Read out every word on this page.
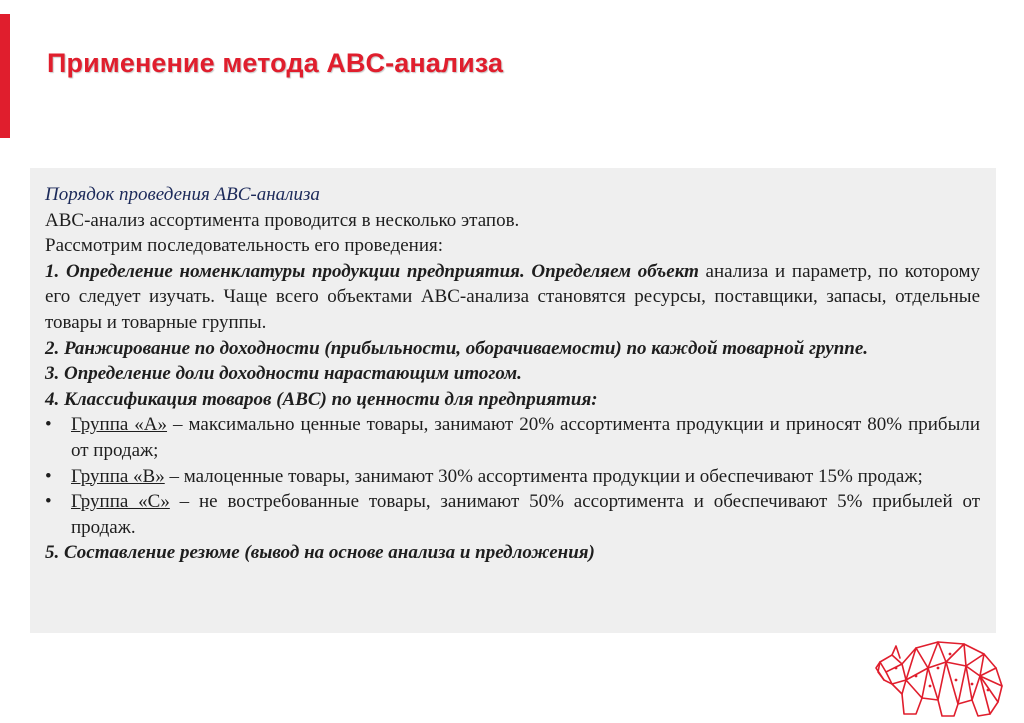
Применение метода ABC-анализа

Порядок проведения ABC-анализа

ABC-анализ ассортимента проводится в несколько этапов.

Рассмотрим последовательность его проведения:

1. Определение номенклатуры продукции предприятия. Определяем объект анализа и параметр, по которому его следует изучать. Чаще всего объектами ABC-анализа становятся ресурсы, поставщики, запасы, отдельные товары и товарные группы.

2. Ранжирование по доходности (прибыльности, оборачиваемости) по каждой товарной группе.

3. Определение доли доходности нарастающим итогом.

4. Классификация товаров (ABC) по ценности для предприятия:

• Группа «А» – максимально ценные товары, занимают 20% ассортимента продукции и приносят 80% прибыли от продаж;

• Группа «В» – малоценные товары, занимают 30% ассортимента продукции и обеспечивают 15% продаж;

• Группа «С» – не востребованные товары, занимают 50% ассортимента и обеспечивают 5% прибылей от продаж.

5. Составление резюме (вывод на основе анализа и предложения)
